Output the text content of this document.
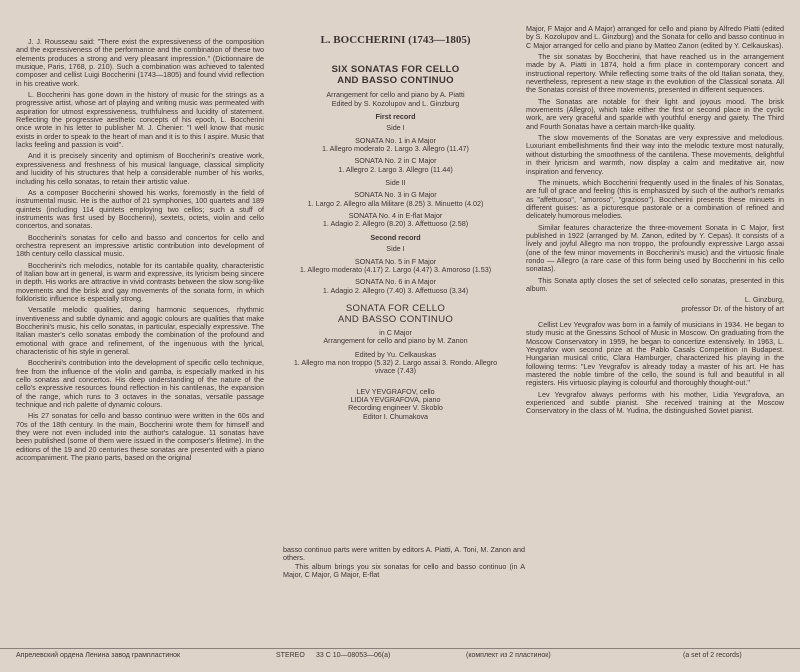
J. J. Rousseau said: "There exist the expressiveness of the composition and the expressiveness of the performance and the combination of these two elements produces a strong and very pleasant impression." (Dictionnaire de musique, Paris, 1768, p. 210). Such a combination was achieved to talented composer and cellist Luigi Boccherini (1743—1805) and found vivid reflection in his creative work.

L. Boccherini has gone down in the history of music for the strings as a progressive artist, whose art of playing and writing music was permeated with aspiration for utmost expressiveness, truthfulness and lucidity of statement. Reflecting the progressive aesthetic concepts of his epoch, L. Boccherini once wrote in his letter to publisher M. J. Chenier: "I well know that music exists in order to speak to the heart of man and it is to this I aspire. Music that lacks feeling and passion is void".

And it is precisely sincerity and optimism of Boccherini's creative work, expressiveness and freshness of his musical language, classical simplicity and lucidity of his structures that help a considerable number of his works, including his cello sonatas, to retain their artistic value.

As a composer Boccherini showed his works, foremostly in the field of instrumental music. He is the author of 21 symphonies, 100 quartets and 189 quintets (including 114 quintets employing two cellos; such a stuff of instruments was first used by Boccherini), sextets, octets, violin and cello concertos, and sonatas.

Boccherini's sonatas for cello and basso and concertos for cello and orchestra represent an impressive artistic contribution into development of 18th century cello classical music.

Boccherini's rich melodics, notable for its cantabile quality, characteristic of Italian bow art in general, is warm and expressive, its lyricism being sincere in depth. His works are attractive in vivid contrasts between the slow song-like movements and the brisk and gay movements of the sonata form, in which folkloristic influence is especially strong.

Versatile melodic qualities, daring harmonic sequences, rhythmic inventiveness and subtle dynamic and agogic colours are qualities that make Boccherini's music, his cello sonatas, in particular, especially expressive. The Italian master's cello sonatas embody the combination of the profound and emotional with grace and refinement, of the ingenuous with the lyrical, characteristic of his style in general.

Boccherini's contribution into the development of specific cello technique, free from the influence of the violin and gamba, is especially marked in his cello sonatas and concertos. His deep understanding of the nature of the cello's expressive resources found reflection in his cantilenas, the expansion of the range, which runs to 3 octaves in the sonatas, versatile passage technique and rich palette of dynamic colours.

His 27 sonatas for cello and basso continuo were written in the 60s and 70s of the 18th century. In the main, Boccherini wrote them for himself and they were not even included into the author's catalogue. 11 sonatas have been published (some of them were issued in the composer's lifetime). In the editions of the 19 and 20 centuries these sonatas are presented with a piano accompaniment. The piano parts, based on the original

L. BOCCHERINI (1743—1805)
SIX SONATAS FOR CELLO
AND BASSO CONTINUO
Arrangement for cello and piano by A. Piatti
Edited by S. Kozolupov and L. Ginzburg
First record
Side I
SONATA No. 1 in A Major
1. Allegro moderato 2. Largo 3. Allegro (11.47)
SONATA No. 2 in C Major
1. Allegro 2. Largo 3. Allegro (11.44)
Side II
SONATA No. 3 in G Major
1. Largo 2. Allegro alla Militare (8.25) 3. Minuetto (4.02)
SONATA No. 4 in E-flat Major
1. Adagio 2. Allegro (8.20) 3. Affettuoso (2.58)
Second record
Side I
SONATA No. 5 in F Major
1. Allegro moderato (4.17) 2. Largo (4.47) 3. Amoroso (1.53)
SONATA No. 6 in A Major
1. Adagio 2. Allegro (7.40) 3. Affettuoso (3.34)
SONATA FOR CELLO
AND BASSO CONTINUO
in C Major
Arrangement for cello and piano by M. Zanon
Edited by Yu. Celkauskas
1. Allegro ma non troppo (5.32) 2. Largo assai 3. Rondo. Allegro vivace (7.43)
LEV YEVGRAFOV, cello
LIDIA YEVGRAFOVA, piano
Recording engineer V. Skoblo
Editor I. Chumakova

basso continuo parts were written by editors A. Piatti, A. Toni, M. Zanon and others.

This album brings you six sonatas for cello and basso continuo (in A Major, C Major, G Major, E-flat

Major, F Major and A Major) arranged for cello and piano by Alfredo Piatti (edited by S. Kozolupov and L. Ginzburg) and the Sonata for cello and basso continuo in C Major arranged for cello and piano by Matteo Zanon (edited by Y. Celkauskas).

The six sonatas by Boccherini, that have reached us in the arrangement made by A. Piatti in 1874, hold a firm place in contemporary concert and instructional repertory. While reflecting some traits of the old Italian sonata, they, nevertheless, represent a new stage in the evolution of the Classical sonata. All the Sonatas consist of three movements, presented in different sequences.

The Sonatas are notable for their light and joyous mood. The brisk movements (Allegro), which take either the first or second place in the cyclic work, are very graceful and sparkle with youthful energy and gaiety. The Third and Fourth Sonatas have a certain march-like quality.

The slow movements of the Sonatas are very expressive and melodious. Luxuriant embellishments find their way into the melodic texture most naturally, without disturbing the smoothness of the cantilena. These movements, delightful in their lyricism and warmth, now display a calm and meditative air, now inspiration and fervency.

The minuets, which Boccherini frequently used in the finales of his Sonatas, are full of grace and feeling (this is emphasized by such of the author's remarks as "affettuoso", "amoroso", "grazioso"). Boccherini presents these minuets in different guises: as a picturesque pastorale or a combination of refined and delicately humorous melodies.

Similar features characterize the three-movement Sonata in C Major, first published in 1922 (arranged by M. Zanon, edited by Y. Cepas). It consists of a lively and joyful Allegro ma non troppo, the profoundly expressive Largo assai (one of the few minor movements in Boccherini's music) and the virtuosic finale rondo — Allegro (a rare case of this form being used by Boccherini in his cello sonatas).

This Sonata aptly closes the set of selected cello sonatas, presented in this album.

L. Ginzburg,
professor Dr. of the history of art

Cellist Lev Yevgrafov was born in a family of musicians in 1934. He began to study music at the Gnessins School of Music in Moscow. On graduating from the Moscow Conservatory in 1959, he began to concertize extensively. In 1963, L. Yevgrafov won second prize at the Pablo Casals Competition in Budapest. Hungarian musical critic, Clara Hamburger, characterized his playing in the following terms: "Lev Yevgrafov is already today a master of his art. He has mastered the noble timbre of the cello, the sound is full and beautiful in all registers. His virtuosic playing is colourful and thoroughly thought-out."

Lev Yevgrafov always performs with his mother, Lidia Yevgrafova, an experienced and subtle pianist. She received training at the Moscow Conservatory in the class of M. Yudina, the distinguished Soviet pianist.

Апрелевский ордена Ленина завод грампластинок	STEREO 33 С 10—08053—06(а)	(комплект из 2 пластинок)	(a set of 2 records)
